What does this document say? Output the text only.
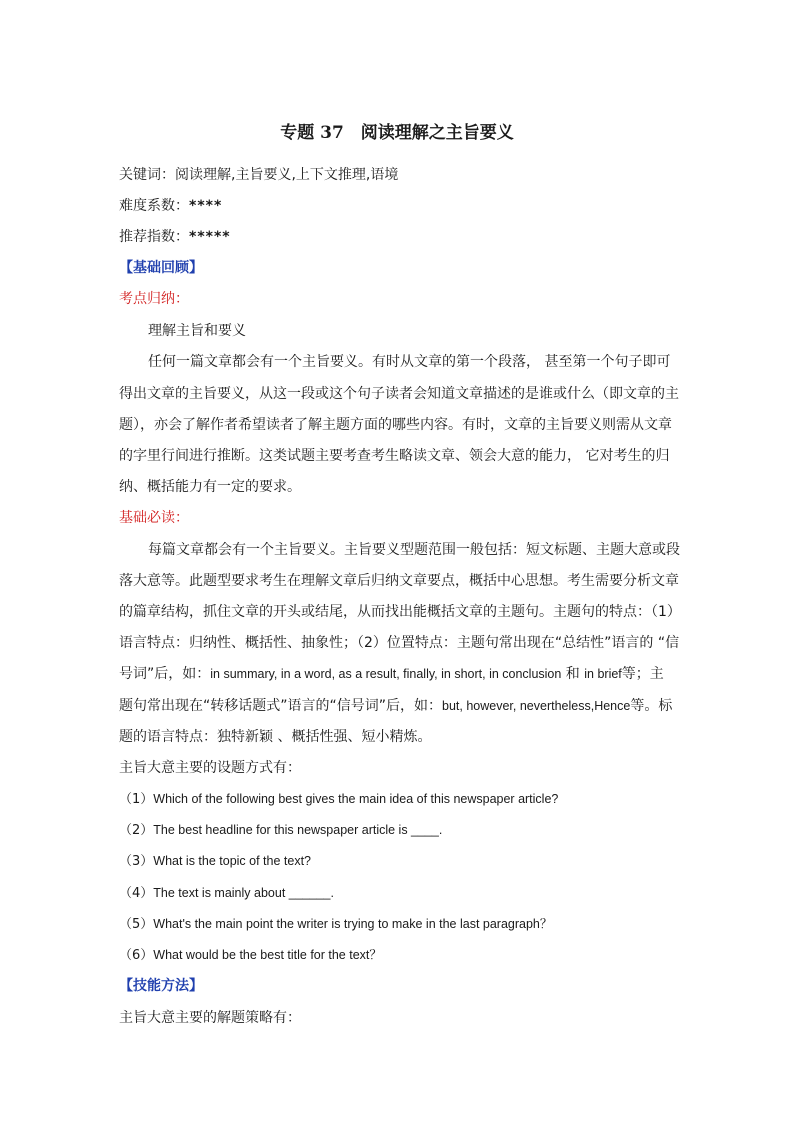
专题 37　阅读理解之主旨要义
关键词：阅读理解,主旨要义,上下文推理,语境
难度系数：****
推荐指数：*****
【基础回顾】
考点归纳：
理解主旨和要义
任何一篇文章都会有一个主旨要义。有时从文章的第一个段落， 甚至第一个句子即可
得出文章的主旨要义，从这一段或这个句子读者会知道文章描述的是谁或什么（即文章的主
题），亦会了解作者希望读者了解主题方面的哪些内容。有时，文章的主旨要义则需从文章
的字里行间进行推断。这类试题主要考查考生略读文章、领会大意的能力， 它对考生的归
纳、概括能力有一定的要求。
基础必读：
每篇文章都会有一个主旨要义。主旨要义型题范围一般包括：短文标题、主题大意或段
落大意等。此题型要求考生在理解文章后归纳文章要点，概括中心思想。考生需要分析文章
的篇章结构，抓住文章的开头或结尾，从而找出能概括文章的主题句。主题句的特点：（1）
语言特点：归纳性、概括性、抽象性；（2）位置特点：主题句常出现在“总结性”语言的 “信
号词”后，如：in summary, in a word, as a result, finally, in short, in conclusion 和 in brief等；主
题句常出现在“转移话题式”语言的“信号词”后，如：but, however, nevertheless,Hence等。标
题的语言特点：独特新颖 、概括性强、短小精炼。
主旨大意主要的设题方式有：
（1）Which of the following best gives the main idea of this newspaper article?
（2）The best headline for this newspaper article is ____.
（3）What is the topic of the text?
（4）The text is mainly about ______.
（5）What's the main point the writer is trying to make in the last paragraph？
（6）What would be the best title for the text？
【技能方法】
主旨大意主要的解题策略有：
